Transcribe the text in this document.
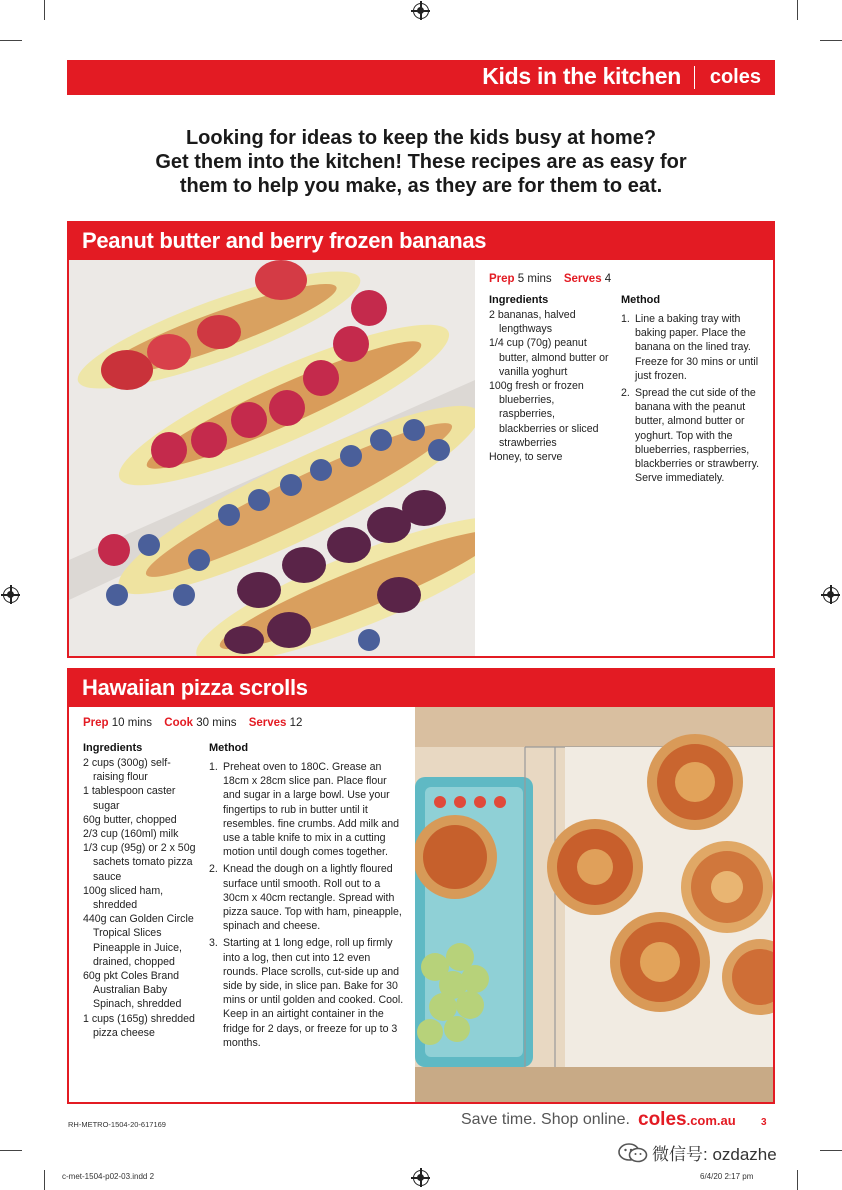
Kids in the kitchen coles
Looking for ideas to keep the kids busy at home?
Get them into the kitchen! These recipes are as easy for
them to help you make, as they are for them to eat.
Peanut butter and berry frozen bananas
Prep 5 mins Serves 4
Ingredients
2 bananas, halved lengthways
1/4 cup (70g) peanut butter, almond butter or vanilla yoghurt
100g fresh or frozen blueberries, raspberries, blackberries or sliced strawberries
Honey, to serve
Method
1. Line a baking tray with baking paper. Place the banana on the lined tray. Freeze for 30 mins or until just frozen.
2. Spread the cut side of the banana with the peanut butter, almond butter or yoghurt. Top with the blueberries, raspberries, blackberries or strawberry. Serve immediately.
Hawaiian pizza scrolls
Prep 10 mins Cook 30 mins Serves 12
Ingredients
2 cups (300g) self-raising flour
1 tablespoon caster sugar
60g butter, chopped
2/3 cup (160ml) milk
1/3 cup (95g) or 2 x 50g sachets tomato pizza sauce
100g sliced ham, shredded
440g can Golden Circle Tropical Slices Pineapple in Juice, drained, chopped
60g pkt Coles Brand Australian Baby Spinach, shredded
1 cups (165g) shredded pizza cheese
Method
1. Preheat oven to 180C. Grease an 18cm x 28cm slice pan. Place flour and sugar in a large bowl. Use your fingertips to rub in butter until it resembles. fine crumbs. Add milk and use a table knife to mix in a cutting motion until dough comes together.
2. Knead the dough on a lightly floured surface until smooth. Roll out to a 30cm x 40cm rectangle. Spread with pizza sauce. Top with ham, pineapple, spinach and cheese.
3. Starting at 1 long edge, roll up firmly into a log, then cut into 12 even rounds. Place scrolls, cut-side up and side by side, in slice pan. Bake for 30 mins or until golden and cooked. Cool. Keep in an airtight container in the fridge for 2 days, or freeze for up to 3 months.
RH-METRO-1504-20-617169	Save time. Shop online. coles.com.au	3
微信号: ozdazhe
c-met-1504-p02-03.indd 2	6/4/20 2:17 pm
